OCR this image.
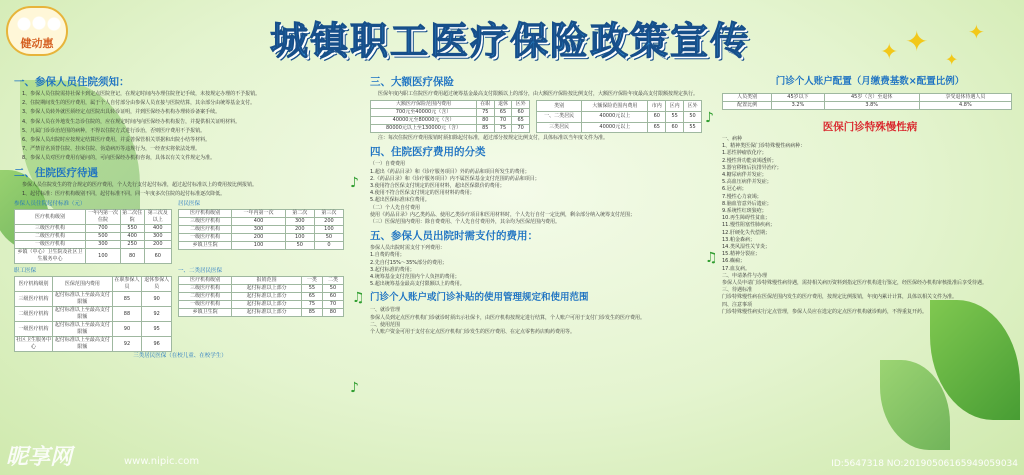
✦ ✦
✦
✦
♪
♫
♪
♪
♫
健动惠	城镇职工医疗保险政策宣传
一、参保人员住院须知：
1、参保人员住院需持社保卡到定点医院登记，在规定时间内办理住院登记手续，未按规定办理的不予报销。
2、住院期间发生的医疗费用，属于个人自付部分由参保人员直接与医院结算，其余部分由统筹基金支付。
3、参保人员转外就医须经定点医院出具转诊证明，并到医保经办机构办理转诊备案手续。
4、参保人员在外地发生急诊住院的，应在规定时间内向医保经办机构报告，并提供相关证明材料。
5、凡属门诊诊治范围的病种，不得以住院方式进行诊治，否则医疗费用不予报销。
6、参保人员出院时应按规定结算医疗费用，并妥善保管相关票据和出院小结等材料。
7、严禁冒名顶替住院、挂床住院、伪造病历等违规行为，一经查实将依法处理。
8、参保人员对医疗费用有疑问的，可向医保经办机构咨询，具体以有关文件规定为准。
二、住院医疗待遇
参保人员住院发生的符合规定的医疗费用，个人先行支付起付标准，超过起付标准以上的费用按比例报销。
1、起付标准：医疗机构级别不同，起付标准不同，同一年度多次住院的起付标准逐次降低。
参保人员住院起付标准（元）
医疗机构级别	一年内第一次住院	第二次住院	第三次及以上
三级医疗机构	700	550	400
二级医疗机构	500	400	300
一级医疗机构	300	250	200
乡镇（中心）卫生院及社区卫生服务中心	100	80	60
居民医保
医疗机构级别	一年内第一次	第二次	第三次
三级医疗机构	400	300	200
二级医疗机构	300	200	100
一级医疗机构	200	100	50
乡镇卫生院	100	50	0
职工医保
医疗机构级别	医保范围内费用	在职参保人员	退休参保人员
三级医疗机构	起付标准以上至最高支付限额	85	90
二级医疗机构	起付标准以上至最高支付限额	88	92
一级医疗机构	起付标准以上至最高支付限额	90	95
社区卫生服务中心	起付标准以上至最高支付限额	92	96
一、二类居民医保
医疗机构级别	报销范围	一类	二类
三级医疗机构	起付标准以上部分	55	50
二级医疗机构	起付标准以上部分	65	60
一级医疗机构	起付标准以上部分	75	70
乡镇卫生院	起付标准以上部分	85	80
三类居民医保（在校儿童、在校学生）
三、大额医疗保险
医保年度内职工住院医疗费用超过统筹基金最高支付限额以上的部分，由大额医疗保险按比例支付，大额医疗保险年度最高支付限额按规定执行。
大额医疗保险范围内费用	在职	退休	区外
700元至40000元（含）	75	65	60
40000元至80000元（含）	80	70	65
80000元以上至130000元（含）	85	75	70
类别	大额保险范围内费用	市内	区内	区外
一、二类居民	40000元以上	60	55	50
三类居民	40000元以上	65	60	55
注：每次住院医疗费用报销时须扣除起付标准，超过部分按规定比例支付，具体标准以当年度文件为准。
四、住院医疗费用的分类
（一）自费费用
1.超出《药品目录》和《诊疗服务项目》外的药品和项目所发生的费用；
2.《药品目录》和《诊疗服务项目》内不属医保基金支付范围的药品和项目；
3.使用符合医保支付规定的医用材料，超出医保限价的费用；
4.使用不符合医保支付规定的医用材料的费用；
5.超出医保标准床位费用。
（二）个人先自付费用
使用《药品目录》内乙类药品、使用乙类诊疗项目和医用材料时，个人先行自付一定比例，剩余部分纳入统筹支付范围；
（三）医保范围内费用：除自费费用、个人先自付费用外，其余均为医保范围内费用。
五、参保人员出院时需支付的费用：
参保人员出院时需支付下列费用：
1.自费的费用；
2.先自付15%～35%部分的费用；
3.起付标准的费用；
4.统筹基金支付范围内个人负担的费用；
5.超出统筹基金最高支付限额以上的费用。
门诊个人账户或门诊补贴的使用管理规定和使用范围
一、就诊管理
参保人员到定点医疗机构门诊就诊时须出示社保卡，由医疗机构按规定进行结算，个人账户可用于支付门诊发生的医疗费用。
二、使用范围
个人账户资金可用于支付在定点医疗机构门诊发生的医疗费用、在定点零售药店购药费用等。
门诊个人账户配置（月缴费基数×配置比例）
人员类别	45岁以下	45岁（含）至退休	享受退休待遇人员
配置比例	3.2%	3.8%	4.8%
医保门诊特殊慢性病
一、病种
1、精神类医保门诊特殊慢性病病种：
1.恶性肿瘤放化疗；
2.慢性肾功能衰竭透析；
3.器官移植后抗排异治疗；
4.糖尿病伴并发症；
5.高血压病伴并发症；
6.冠心病；
7.慢性心力衰竭；
8.脑血管意外后遗症；
9.系统性红斑狼疮；
10.再生障碍性贫血；
11.慢性阻塞性肺疾病；
12.肝硬化失代偿期；
13.帕金森病；
14.类风湿性关节炎；
15.精神分裂症；
16.癫痫；
17.血友病。
二、申请条件与办理
参保人员申请门诊特殊慢性病待遇，需持相关病历资料到指定医疗机构进行鉴定，经医保经办机构审核批准后享受待遇。
三、待遇标准
门诊特殊慢性病在医保范围内发生的医疗费用，按规定比例报销，年度内累计计算，具体以相关文件为准。
四、注意事项
门诊特殊慢性病实行定点管理，参保人员应在选定的定点医疗机构就诊购药，不得重复开药。
昵享网	www.nipic.com	ID:5647318 NO:20190506165949059034
